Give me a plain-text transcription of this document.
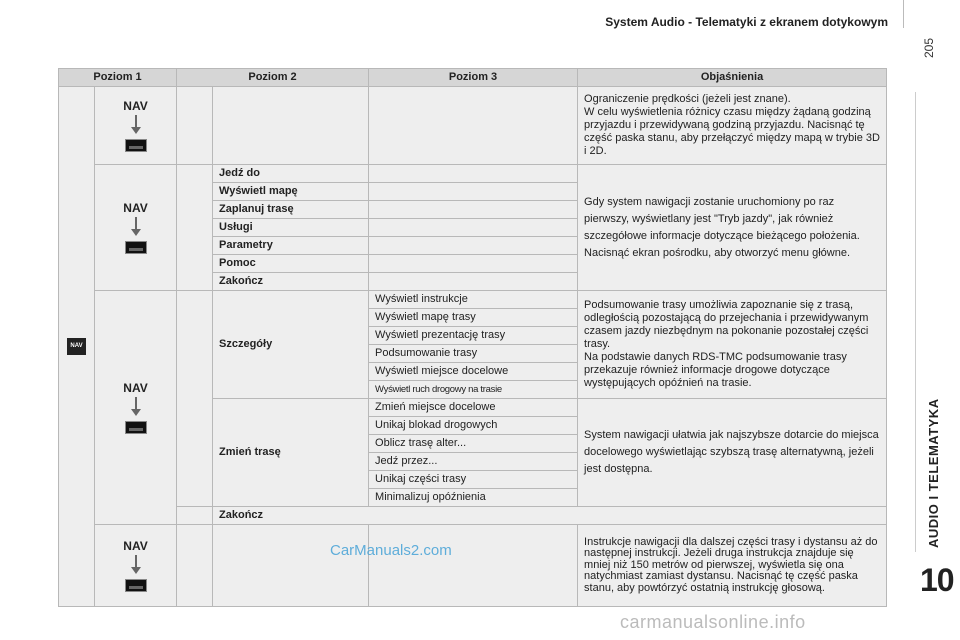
System Audio - Telematyki z ekranem dotykowym
205
AUDIO I TELEMATYKA
10
Poziom 1		Poziom 2		Poziom 3	Objaśnienia
NAV	NAV				Ograniczenie prędkości (jeżeli jest znane).
W celu wyświetlenia różnicy czasu między żądaną godziną przyjazdu i przewidywaną godziną przyjazdu. Nacisnąć tę część paska stanu, aby przełączyć między mapą w trybie 3D i 2D.

	NAV		Jedź do		Gdy system nawigacji zostanie uruchomiony po raz pierwszy, wyświetlany jest "Tryb jazdy", jak również szczegółowe informacje dotyczące bieżącego położenia.
Nacisnąć ekran pośrodku, aby otworzyć menu główne.
			Wyświetl mapę		
			Zaplanuj trasę		
			Usługi		
			Parametry		
			Pomoc		
			Zakończ		

	NAV		Szczegóły	Wyświetl instrukcje	Podsumowanie trasy umożliwia zapoznanie się z trasą, odległością pozostającą do przejechania i przewidywanym czasem jazdy niezbędnym na pokonanie pozostałej części trasy.
Na podstawie danych RDS-TMC podsumowanie trasy przekazuje również informacje drogowe dotyczące występujących opóźnień na trasie.
				Wyświetl mapę trasy	
				Wyświetl prezentację trasy	
				Podsumowanie trasy	
				Wyświetl miejsce docelowe	
				Wyświetl ruch drogowy na trasie	
			Zmień trasę	Zmień miejsce docelowe	System nawigacji ułatwia jak najszybsze dotarcie do miejsca docelowego wyświetlając szybszą trasę alternatywną, jeżeli jest dostępna.
				Unikaj blokad drogowych	
				Oblicz trasę alter...	
				Jedź przez...	
				Unikaj części trasy	
				Minimalizuj opóźnienia	
			Zakończ		

	NAV				Instrukcje nawigacji dla dalszej części trasy i dystansu aż do następnej instrukcji. Jeżeli druga instrukcja znajduje się mniej niż 150 metrów od pierwszej, wyświetla się ona natychmiast zamiast dystansu. Nacisnąć tę część paska stanu, aby powtórzyć ostatnią instrukcję głosową.
CarManuals2.com
carmanualsonline.info
